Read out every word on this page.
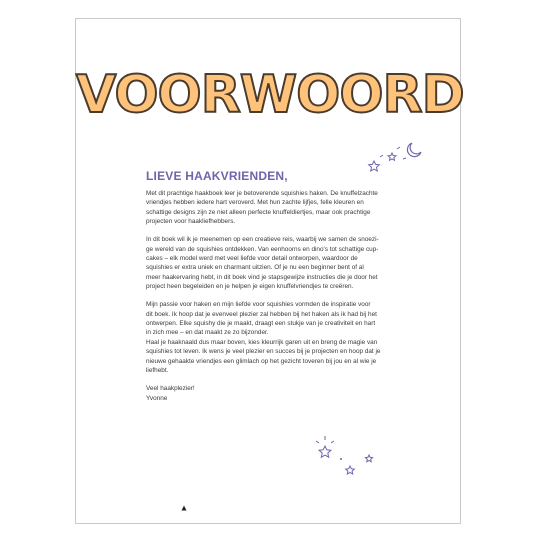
VOORWOORD
LIEVE HAAKVRIENDEN,

Met dit prachtige haakboek leer je betoverende squishies haken. De knuffelzachte
vriendjes hebben iedere hart veroverd. Met hun zachte lijfjes, felle kleuren en
schattige designs zijn ze niet alleen perfecte knuffeldiertjes, maar ook prachtige
projecten voor haakliefhebbers.

In dit boek wil ik je meenemen op een creatieve reis, waarbij we samen de snoezi-
ge wereld van de squishies ontdekken. Van eenhoorns en dino's tot schattige cup-
cakes – elk model werd met veel liefde voor detail ontworpen, waardoor de
squishies er extra uniek en charmant uitzien. Of je nu een beginner bent of al
meer haakervaring hebt, in dit boek vind je stapsgewijze instructies die je door het
project heen begeleiden en je helpen je eigen knuffelvriendjes te creëren.

Mijn passie voor haken en mijn liefde voor squishies vormden de inspiratie voor
dit boek. Ik hoop dat je evenveel plezier zal hebben bij het haken als ik had bij het
ontwerpen. Elke squishy die je maakt, draagt een stukje van je creativiteit en hart
in zich mee – en dat maakt ze zo bijzonder.
Haal je haaknaald dus maar boven, kies kleurrijk garen uit en breng de magie van
squishies tot leven. Ik wens je veel plezier en succes bij je projecten en hoop dat je
nieuwe gehaakte vriendjes een glimlach op het gezicht toveren bij jou en al wie je
liefhebt.

Veel haakplezier!
Yvonne
